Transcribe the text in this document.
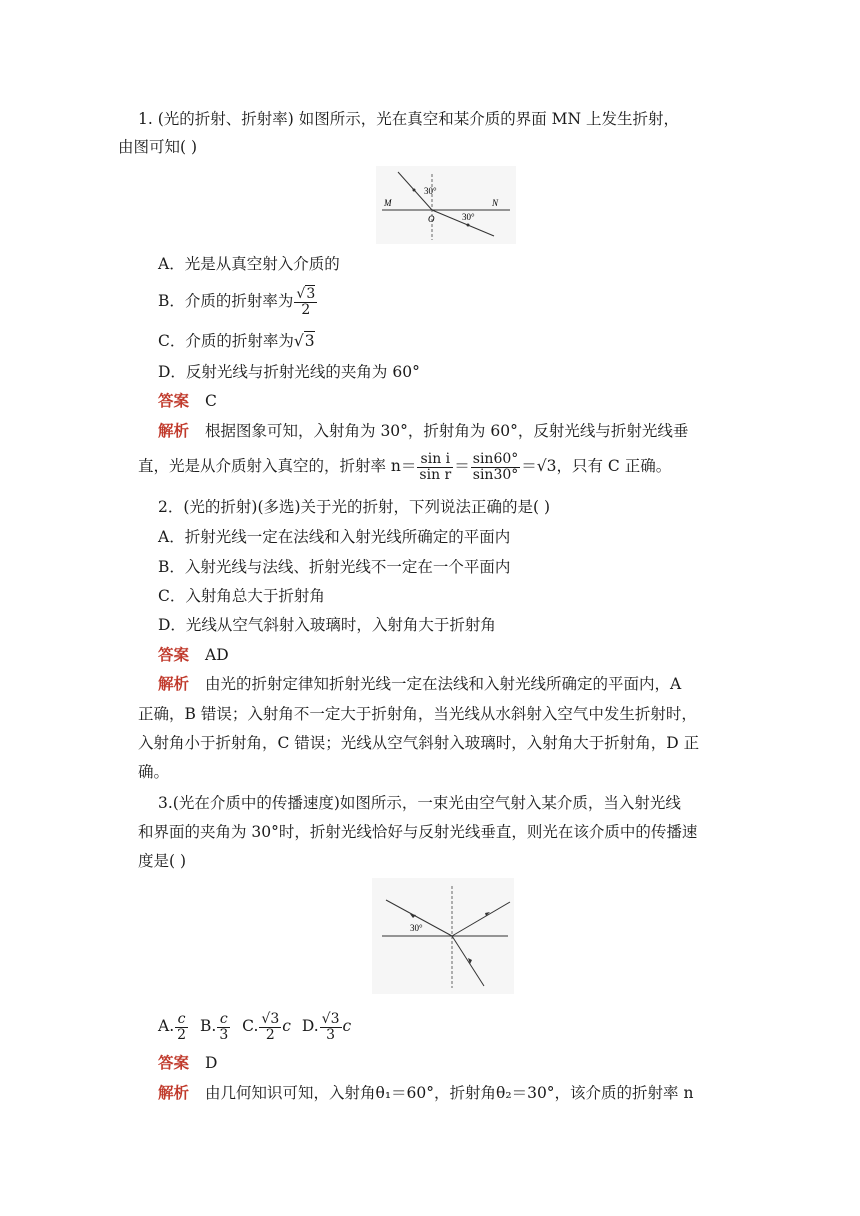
1. (光的折射、折射率) 如图所示，光在真空和某介质的界面 MN 上发生折射，
由图可知( )
30°
30°
M	N
O
A．光是从真空射入介质的
B．介质的折射率为 $\frac{√3}{2}$
C．介质的折射率为√3
D．反射光线与折射光线的夹角为 60°
答案 C
解析 根据图象可知，入射角为 30°，折射角为 60°，反射光线与折射光线垂
直，光是从介质射入真空的，折射率 $n= \frac{\text{sin i}}{\text{sin r}} = \frac{\sin 60^\circ}{\sin 30^\circ} =√3$，只有 C 正确。
2．(光的折射)(多选)关于光的折射，下列说法正确的是( )
A．折射光线一定在法线和入射光线所确定的平面内
B．入射光线与法线、折射光线不一定在一个平面内
C．入射角总大于折射角
D．光线从空气斜射入玻璃时，入射角大于折射角
答案 AD
解析 由光的折射定律知折射光线一定在法线和入射光线所确定的平面内，A
正确，B 错误；入射角不一定大于折射角，当光线从水斜射入空气中发生折射时，
入射角小于折射角，C 错误；光线从空气斜射入玻璃时，入射角大于折射角，D 正
确。
3.(光在介质中的传播速度)如图所示，一束光由空气射入某介质，当入射光线
和界面的夹角为 30°时，折射光线恰好与反射光线垂直，则光在该介质中的传播速
度是( )
30°
A. $\frac{c}{2} B$. $\frac{c}{3} C$. $\frac{√3}{2}$ c D. $\frac{√3}{3}$ c
答案 D
解析 由几何知识可知，入射角θ₁＝60°，折射角θ₂＝30°，该介质的折射率 n
